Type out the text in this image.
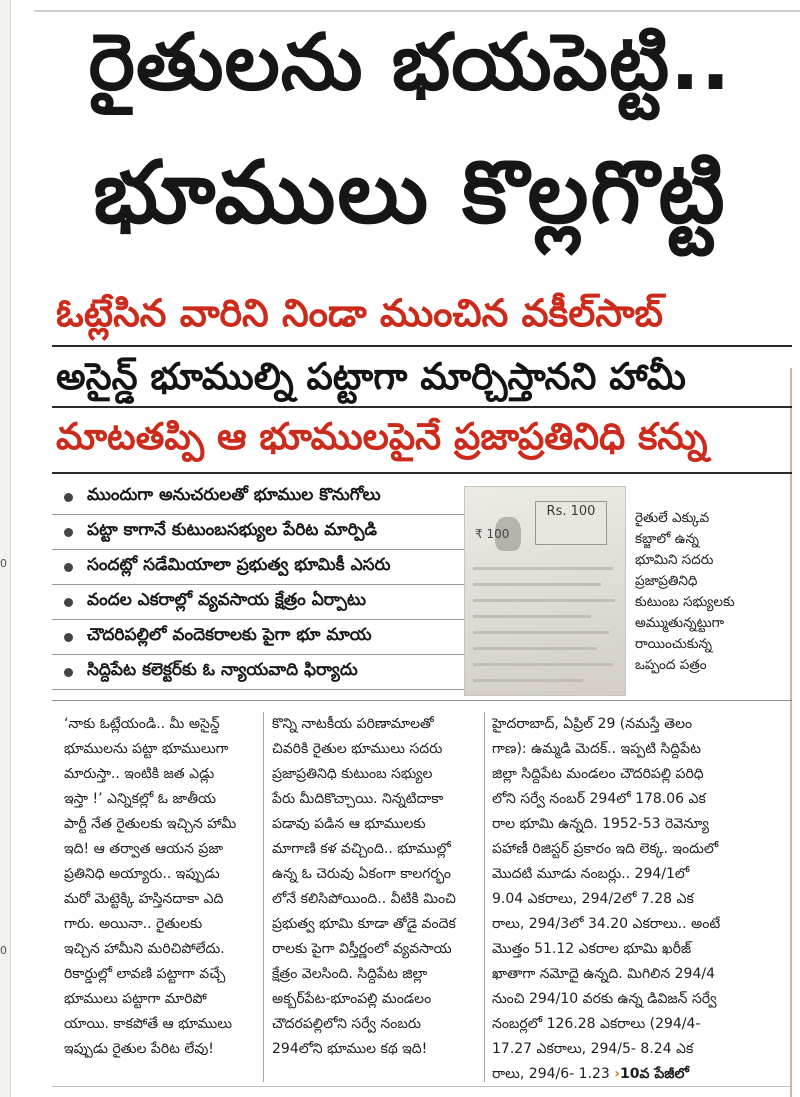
0
0
రైతులను భయపెట్టి..
భూములు కొల్లగొట్టి
ఓట్లేసిన వారిని నిండా ముంచిన వకీల్‌సాబ్
అసైన్డ్ భూముల్ని పట్టాగా మార్చిస్తానని హామీ
మాటతప్పి ఆ భూములపైనే ప్రజాప్రతినిధి కన్ను
ముందుగా అనుచరులతో భూముల కొనుగోలు
పట్టా కాగానే కుటుంబసభ్యుల పేరిట మార్పిడి
సందట్లో సడేమియాలా ప్రభుత్వ భూమికీ ఎసరు
వందల ఎకరాల్లో వ్యవసాయ క్షేత్రం ఏర్పాటు
చౌదరిపల్లిలో వందెకరాలకు పైగా భూ మాయ
సిద్దిపేట కలెక్టర్‌కు ఓ న్యాయవాది ఫిర్యాదు
Rs. 100
₹ 100
రైతులే ఎక్కువ
కబ్జాలో ఉన్న
భూమిని సదరు
ప్రజాప్రతినిధి
కుటుంబ సభ్యులకు
అమ్ముతున్నట్టుగా
రాయించుకున్న
ఒప్పంద పత్రం
‘నాకు ఓట్లేయండి.. మీ అసైన్డ్
భూములను పట్టా భూములుగా
మారుస్తా.. ఇంటికి జత ఎడ్లు
ఇస్తా !’ ఎన్నికల్లో ఓ జాతీయ
పార్టీ నేత రైతులకు ఇచ్చిన హామీ
ఇది! ఆ తర్వాత ఆయన ప్రజా
ప్రతినిధి అయ్యారు.. ఇప్పుడు
మరో మెట్టెక్కి హస్తినదాకా ఎది
గారు. అయినా.. రైతులకు
ఇచ్చిన హామీని మరిచిపోలేదు.
రికార్డుల్లో లావణి పట్టాగా వచ్చే
భూములు పట్టాగా మారిపో
యాయి. కాకపోతే ఆ భూములు
ఇప్పుడు రైతుల పేరిట లేవు!
కొన్ని నాటకీయ పరిణామాలతో
చివరికి రైతుల భూములు సదరు
ప్రజాప్రతినిధి కుటుంబ సభ్యుల
పేరు మీదికొచ్చాయి. నిన్నటిదాకా
పడావు పడిన ఆ భూములకు
మాగాణి కళ వచ్చింది.. భూముల్లో
ఉన్న ఓ చెరువు ఏకంగా కాలగర్భం
లోనే కలిసిపోయింది.. వీటికి మించి
ప్రభుత్వ భూమి కూడా తోడై వందెక
రాలకు పైగా విస్తీర్ణంలో వ్యవసాయ
క్షేత్రం వెలసింది. సిద్దిపేట జిల్లా
అక్బర్‌పేట-భూంపల్లి మండలం
చౌదరపల్లిలోని సర్వే నంబరు
294లోని భూముల కథ ఇది!
హైదరాబాద్, ఏప్రిల్ 29 (నమస్తే తెలం
గాణ): ఉమ్మడి మెదక్.. ఇప్పటి సిద్దిపేట
జిల్లా సిద్దిపేట మండలం చౌదరిపల్లి పరిధి
లోని సర్వే నంబర్ 294లో 178.06 ఎక
రాల భూమి ఉన్నది. 1952-53 రెవెన్యూ
పహాణీ రిజిస్టర్ ప్రకారం ఇది లెక్క. ఇందులో
మొదటి మూడు నంబర్లు.. 294/1లో
9.04 ఎకరాలు, 294/2లో 7.28 ఎక
రాలు, 294/3లో 34.20 ఎకరాలు.. అంటే
మొత్తం 51.12 ఎకరాల భూమి ఖరీజ్
ఖాతాగా నమోదై ఉన్నది. మిగిలిన 294/4
నుంచి 294/10 వరకు ఉన్న డివిజన్ సర్వే
నంబర్లలో 126.28 ఎకరాలు (294/4-
17.27 ఎకరాలు, 294/5- 8.24 ఎక
రాలు, 294/6- 1.23 ›10వ పేజీలో
